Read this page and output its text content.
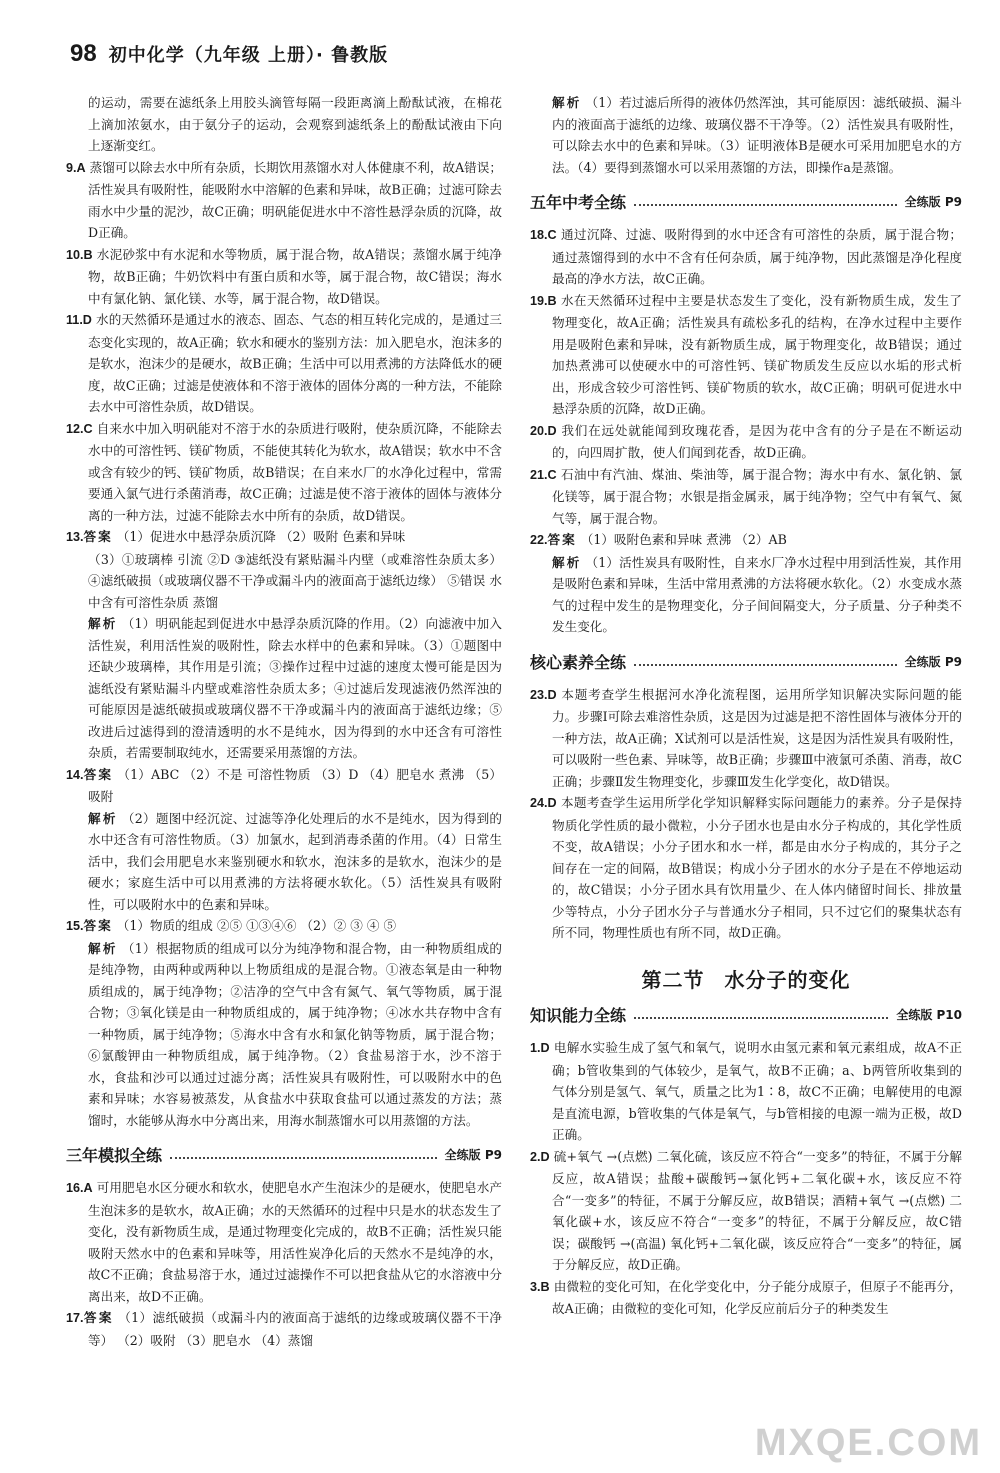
98 初中化学（九年级 上册）· 鲁教版

的运动，需要在滤纸条上用胶头滴管每隔一段距离滴上酚酞试液，在棉花上滴加浓氨水，由于氨分子的运动，会观察到滤纸条上的酚酞试液由下向上逐渐变红。

9.A 蒸馏可以除去水中所有杂质，长期饮用蒸馏水对人体健康不利，故A错误；活性炭具有吸附性，能吸附水中溶解的色素和异味，故B正确；过滤可除去雨水中少量的泥沙，故C正确；明矾能促进水中不溶性悬浮杂质的沉降，故D正确。

10.B 水泥砂浆中有水泥和水等物质，属于混合物，故A错误；蒸馏水属于纯净物，故B正确；牛奶饮料中有蛋白质和水等，属于混合物，故C错误；海水中有氯化钠、氯化镁、水等，属于混合物，故D错误。

11.D 水的天然循环是通过水的液态、固态、气态的相互转化完成的，是通过三态变化实现的，故A正确；软水和硬水的鉴别方法：加入肥皂水，泡沫多的是软水，泡沫少的是硬水，故B正确；生活中可以用煮沸的方法降低水的硬度，故C正确；过滤是使液体和不溶于液体的固体分离的一种方法，不能除去水中可溶性杂质，故D错误。

12.C 自来水中加入明矾能对不溶于水的杂质进行吸附，使杂质沉降，不能除去水中的可溶性钙、镁矿物质，不能使其转化为软水，故A错误；软水中不含或含有较少的钙、镁矿物质，故B错误；在自来水厂的水净化过程中，常需要通入氯气进行杀菌消毒，故C正确；过滤是使不溶于液体的固体与液体分离的一种方法，过滤不能除去水中所有的杂质，故D错误。

13.答案 （1）促进水中悬浮杂质沉降 （2）吸附 色素和异味

（3）①玻璃棒 引流 ②D ③滤纸没有紧贴漏斗内壁（或难溶性杂质太多） ④滤纸破损（或玻璃仪器不干净或漏斗内的液面高于滤纸边缘） ⑤错误 水中含有可溶性杂质 蒸馏

解析 （1）明矾能起到促进水中悬浮杂质沉降的作用。（2）向滤液中加入活性炭，利用活性炭的吸附性，除去水样中的色素和异味。（3）①题图中还缺少玻璃棒，其作用是引流；③操作过程中过滤的速度太慢可能是因为滤纸没有紧贴漏斗内壁或难溶性杂质太多；④过滤后发现滤液仍然浑浊的可能原因是滤纸破损或玻璃仪器不干净或漏斗内的液面高于滤纸边缘；⑤改进后过滤得到的澄清透明的水不是纯水，因为得到的水中还含有可溶性杂质，若需要制取纯水，还需要采用蒸馏的方法。

14.答案 （1）ABC （2）不是 可溶性物质 （3）D （4）肥皂水 煮沸 （5）吸附

解析 （2）题图中经沉淀、过滤等净化处理后的水不是纯水，因为得到的水中还含有可溶性物质。（3）加氯水，起到消毒杀菌的作用。（4）日常生活中，我们会用肥皂水来鉴别硬水和软水，泡沫多的是软水，泡沫少的是硬水；家庭生活中可以用煮沸的方法将硬水软化。（5）活性炭具有吸附性，可以吸附水中的色素和异味。

15.答案 （1）物质的组成 ②⑤ ①③④⑥ （2）② ③ ④ ⑤

解析 （1）根据物质的组成可以分为纯净物和混合物，由一种物质组成的是纯净物，由两种或两种以上物质组成的是混合物。①液态氧是由一种物质组成的，属于纯净物；②洁净的空气中含有氮气、氧气等物质，属于混合物；③氧化镁是由一种物质组成的，属于纯净物；④冰水共存物中含有一种物质，属于纯净物；⑤海水中含有水和氯化钠等物质，属于混合物；⑥氯酸钾由一种物质组成，属于纯净物。（2）食盐易溶于水，沙不溶于水，食盐和沙可以通过过滤分离；活性炭具有吸附性，可以吸附水中的色素和异味；水容易被蒸发，从食盐水中获取食盐可以通过蒸发的方法；蒸馏时，水能够从海水中分离出来，用海水制蒸馏水可以用蒸馏的方法。

三年模拟全练	全练版 P9

16.A 可用肥皂水区分硬水和软水，使肥皂水产生泡沫少的是硬水，使肥皂水产生泡沫多的是软水，故A正确；水的天然循环的过程中只是水的状态发生了变化，没有新物质生成，是通过物理变化完成的，故B不正确；活性炭只能吸附天然水中的色素和异味等，用活性炭净化后的天然水不是纯净的水，故C不正确；食盐易溶于水，通过过滤操作不可以把食盐从它的水溶液中分离出来，故D不正确。

17.答案 （1）滤纸破损（或漏斗内的液面高于滤纸的边缘或玻璃仪器不干净等） （2）吸附 （3）肥皂水 （4）蒸馏

解析 （1）若过滤后所得的液体仍然浑浊，其可能原因：滤纸破损、漏斗内的液面高于滤纸的边缘、玻璃仪器不干净等。（2）活性炭具有吸附性，可以除去水中的色素和异味。（3）证明液体B是硬水可采用加肥皂水的方法。（4）要得到蒸馏水可以采用蒸馏的方法，即操作a是蒸馏。

五年中考全练	全练版 P9

18.C 通过沉降、过滤、吸附得到的水中还含有可溶性的杂质，属于混合物；通过蒸馏得到的水中不含有任何杂质，属于纯净物，因此蒸馏是净化程度最高的净水方法，故C正确。

19.B 水在天然循环过程中主要是状态发生了变化，没有新物质生成，发生了物理变化，故A正确；活性炭具有疏松多孔的结构，在净水过程中主要作用是吸附色素和异味，没有新物质生成，属于物理变化，故B错误；通过加热煮沸可以使硬水中的可溶性钙、镁矿物质发生反应以水垢的形式析出，形成含较少可溶性钙、镁矿物质的软水，故C正确；明矾可促进水中悬浮杂质的沉降，故D正确。

20.D 我们在远处就能闻到玫瑰花香，是因为花中含有的分子是在不断运动的，向四周扩散，使人们闻到花香，故D正确。

21.C 石油中有汽油、煤油、柴油等，属于混合物；海水中有水、氯化钠、氯化镁等，属于混合物；水银是指金属汞，属于纯净物；空气中有氧气、氮气等，属于混合物。

22.答案 （1）吸附色素和异味 煮沸 （2）AB

解析 （1）活性炭具有吸附性，自来水厂净水过程中用到活性炭，其作用是吸附色素和异味，生活中常用煮沸的方法将硬水软化。（2）水变成水蒸气的过程中发生的是物理变化，分子间间隔变大，分子质量、分子种类不发生变化。

核心素养全练	全练版 P9

23.D 本题考查学生根据河水净化流程图，运用所学知识解决实际问题的能力。步骤Ⅰ可除去难溶性杂质，这是因为过滤是把不溶性固体与液体分开的一种方法，故A正确；X试剂可以是活性炭，这是因为活性炭具有吸附性，可以吸附一些色素、异味等，故B正确；步骤Ⅲ中液氯可杀菌、消毒，故C正确；步骤Ⅱ发生物理变化，步骤Ⅲ发生化学变化，故D错误。

24.D 本题考查学生运用所学化学知识解释实际问题能力的素养。分子是保持物质化学性质的最小微粒，小分子团水也是由水分子构成的，其化学性质不变，故A错误；小分子团水和水一样，都是由水分子构成的，其分子之间存在一定的间隔，故B错误；构成小分子团水的水分子是在不停地运动的，故C错误；小分子团水具有饮用量少、在人体内储留时间长、排放量少等特点，小分子团水分子与普通水分子相同，只不过它们的聚集状态有所不同，物理性质也有所不同，故D正确。

第二节 水分子的变化
知识能力全练	全练版 P10

1.D 电解水实验生成了氢气和氧气，说明水由氢元素和氧元素组成，故A不正确；b管收集到的气体较少，是氧气，故B不正确；a、b两管所收集到的气体分别是氢气、氧气，质量之比为1∶8，故C不正确；电解使用的电源是直流电源，b管收集的气体是氧气，与b管相接的电源一端为正极，故D正确。

2.D 硫+氧气 →(点燃) 二氧化硫，该反应不符合“一变多”的特征，不属于分解反应，故A错误；盐酸+碳酸钙→氯化钙+二氧化碳+水，该反应不符合“一变多”的特征，不属于分解反应，故B错误；酒精+氧气 →(点燃) 二氧化碳+水，该反应不符合“一变多”的特征，不属于分解反应，故C错误；碳酸钙 →(高温) 氧化钙+二氧化碳，该反应符合“一变多”的特征，属于分解反应，故D正确。

3.B 由微粒的变化可知，在化学变化中，分子能分成原子，但原子不能再分，故A正确；由微粒的变化可知，化学反应前后分子的种类发生

MXQE.COM
